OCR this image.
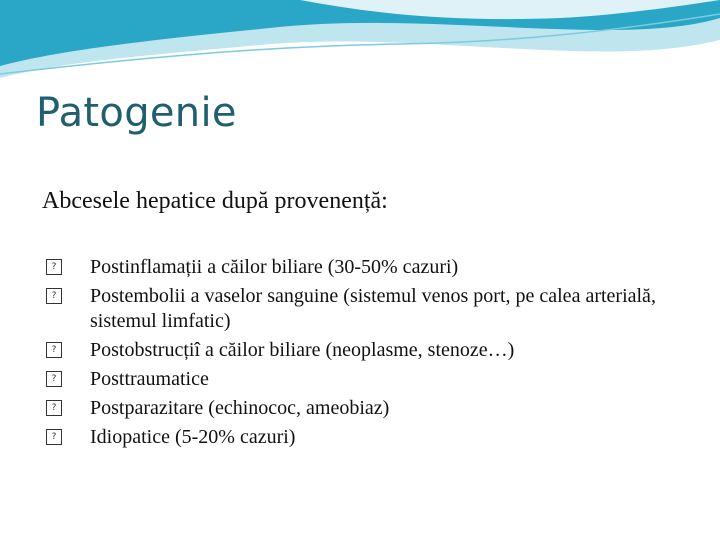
Patogenie
Abcesele hepatice după provenență:
? Postinflamații a căilor biliare (30-50% cazuri)
? Postembolii a vaselor sanguine (sistemul venos port, pe calea arterială, sistemul limfatic)
? Postobstrucțiî a căilor biliare (neoplasme, stenoze…)
? Posttraumatice
? Postparazitare (echinococ, ameobiaz)
? Idiopatice (5-20% cazuri)
